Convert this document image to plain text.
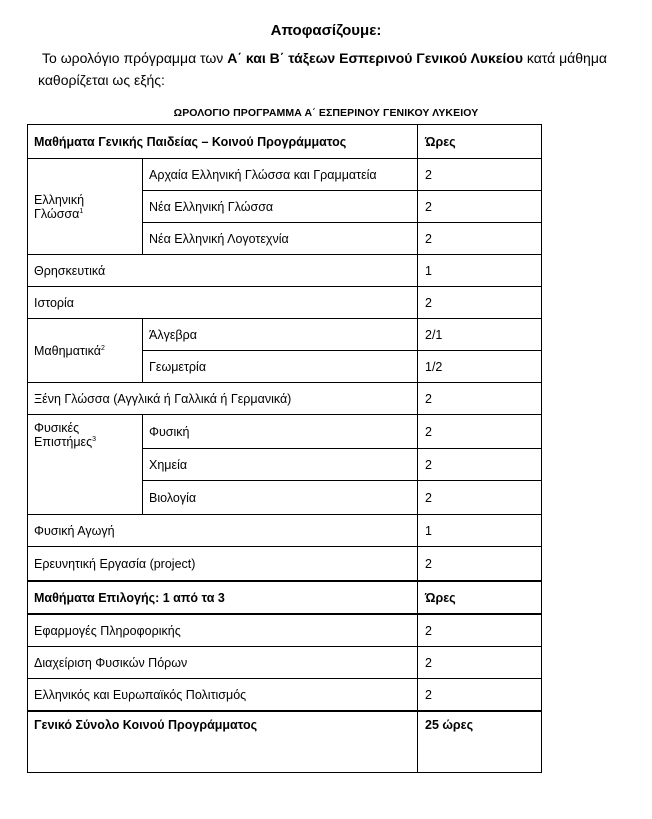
Αποφασίζουμε:
Το ωρολόγιο πρόγραμμα των Α΄ και Β΄ τάξεων Εσπερινού Γενικού Λυκείου κατά μάθημα
καθορίζεται ως εξής:
ΩΡΟΛΟΓΙΟ ΠΡΟΓΡΑΜΜΑ Α΄ ΕΣΠΕΡΙΝΟΥ ΓΕΝΙΚΟΥ ΛΥΚΕΙΟΥ
Μαθήματα Γενικής Παιδείας – Κοινού Προγράμματος		Ώρες
Ελληνική Γλώσσα$^1$	Αρχαία Ελληνική Γλώσσα και Γραμματεία	2
	Νέα Ελληνική Γλώσσα	2
	Νέα Ελληνική Λογοτεχνία	2
Θρησκευτικά		1
Ιστορία		2
Μαθηματικά$^2$	Άλγεβρα	2/1
	Γεωμετρία	1/2
Ξένη Γλώσσα (Αγγλικά ή Γαλλικά ή Γερμανικά)		2
Φυσικές
Επιστήμες$^3$	Φυσική	2
	Χημεία	2
	Βιολογία	2
Φυσική Αγωγή		1
Ερευνητική Εργασία (project)		2
Μαθήματα Επιλογής: 1 από τα 3		Ώρες
Εφαρμογές Πληροφορικής		2
Διαχείριση Φυσικών Πόρων		2
Ελληνικός και Ευρωπαϊκός Πολιτισμός		2
Γενικό Σύνολο Κοινού Προγράμματος		25 ώρες
